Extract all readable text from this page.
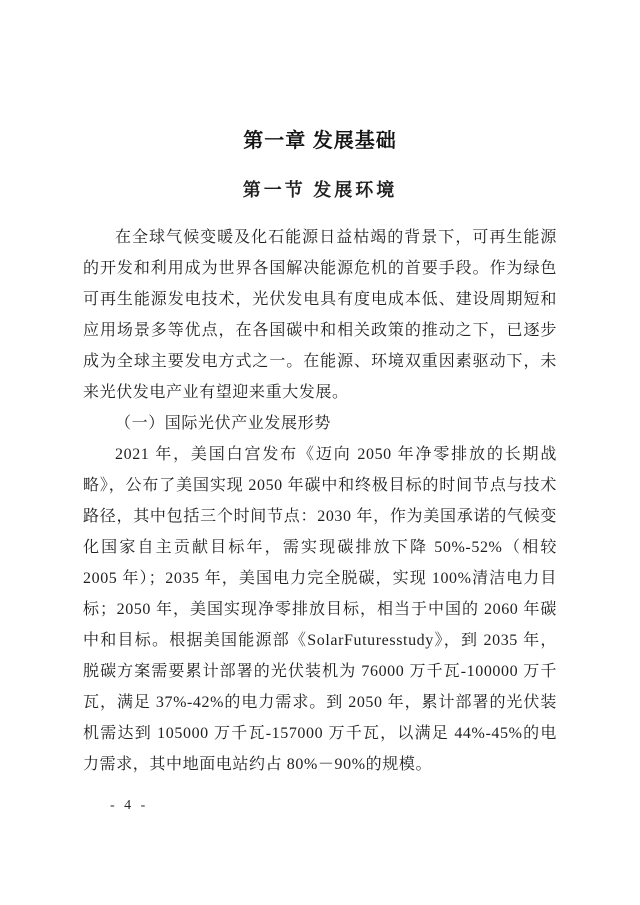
第一章 发展基础
第一节 发展环境

在全球气候变暖及化石能源日益枯竭的背景下，可再生能源的开发和利用成为世界各国解决能源危机的首要手段。作为绿色可再生能源发电技术，光伏发电具有度电成本低、建设周期短和应用场景多等优点，在各国碳中和相关政策的推动之下，已逐步成为全球主要发电方式之一。在能源、环境双重因素驱动下，未来光伏发电产业有望迎来重大发展。

（一）国际光伏产业发展形势

2021 年，美国白宫发布《迈向 2050 年净零排放的长期战略》，公布了美国实现 2050 年碳中和终极目标的时间节点与技术路径，其中包括三个时间节点：2030 年，作为美国承诺的气候变化国家自主贡献目标年，需实现碳排放下降 50%-52%（相较 2005 年）；2035 年，美国电力完全脱碳，实现 100%清洁电力目标；2050 年，美国实现净零排放目标，相当于中国的 2060 年碳中和目标。根据美国能源部《SolarFuturesstudy》，到 2035 年，脱碳方案需要累计部署的光伏装机为 76000 万千瓦-100000 万千瓦，满足 37%-42%的电力需求。到 2050 年，累计部署的光伏装机需达到 105000 万千瓦-157000 万千瓦，以满足 44%-45%的电力需求，其中地面电站约占 80%－90%的规模。

- 4 -
